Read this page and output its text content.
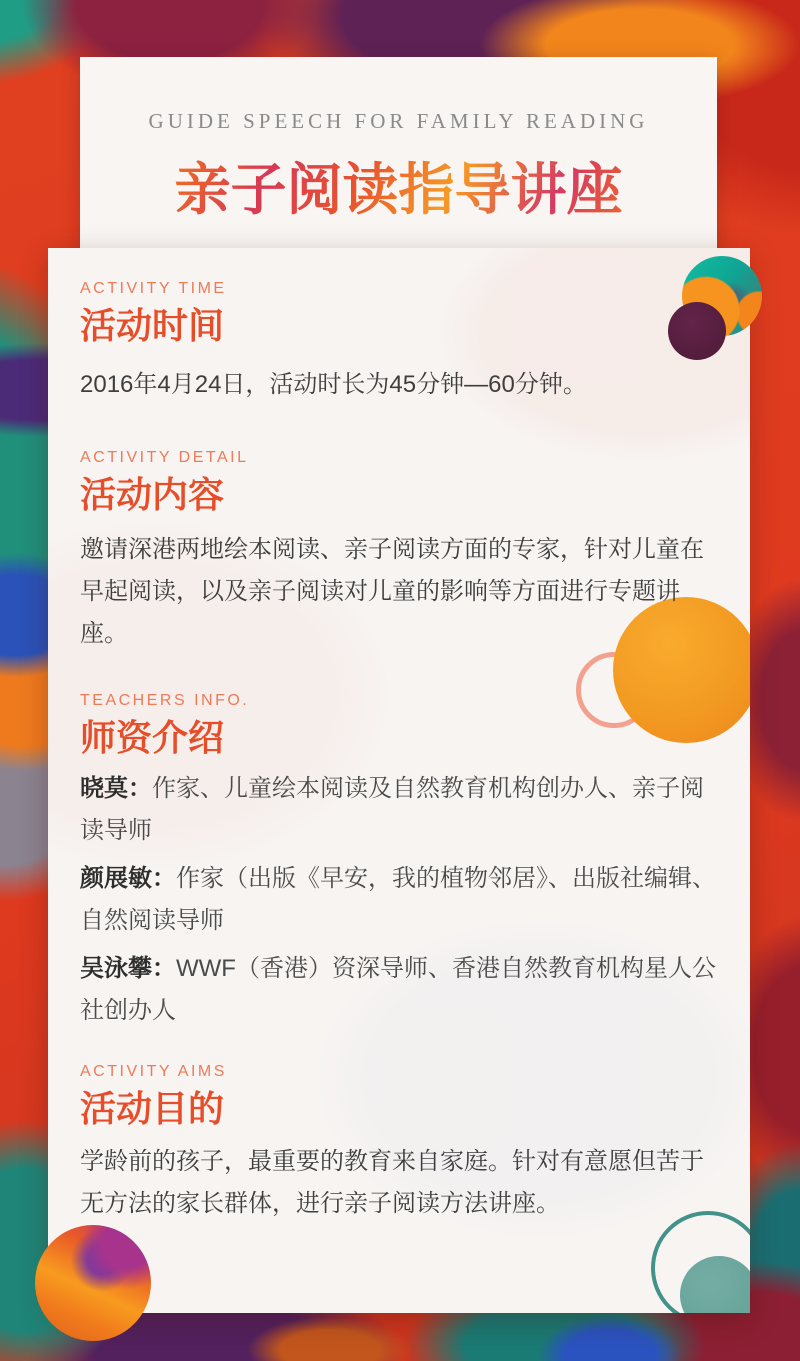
GUIDE SPEECH FOR FAMILY READING
亲子阅读指导讲座
ACTIVITY TIME
活动时间

2016年4月24日，活动时长为45分钟—60分钟。

ACTIVITY DETAIL
活动内容

邀请深港两地绘本阅读、亲子阅读方面的专家，针对儿童在早起阅读，以及亲子阅读对儿童的影响等方面进行专题讲座。

TEACHERS INFO.
师资介绍

晓莫：作家、儿童绘本阅读及自然教育机构创办人、亲子阅读导师

颜展敏：作家（出版《早安，我的植物邻居》、出版社编辑、自然阅读导师

吴泳攀：WWF（香港）资深导师、香港自然教育机构星人公社创办人

ACTIVITY AIMS
活动目的

学龄前的孩子，最重要的教育来自家庭。针对有意愿但苦于无方法的家长群体，进行亲子阅读方法讲座。
